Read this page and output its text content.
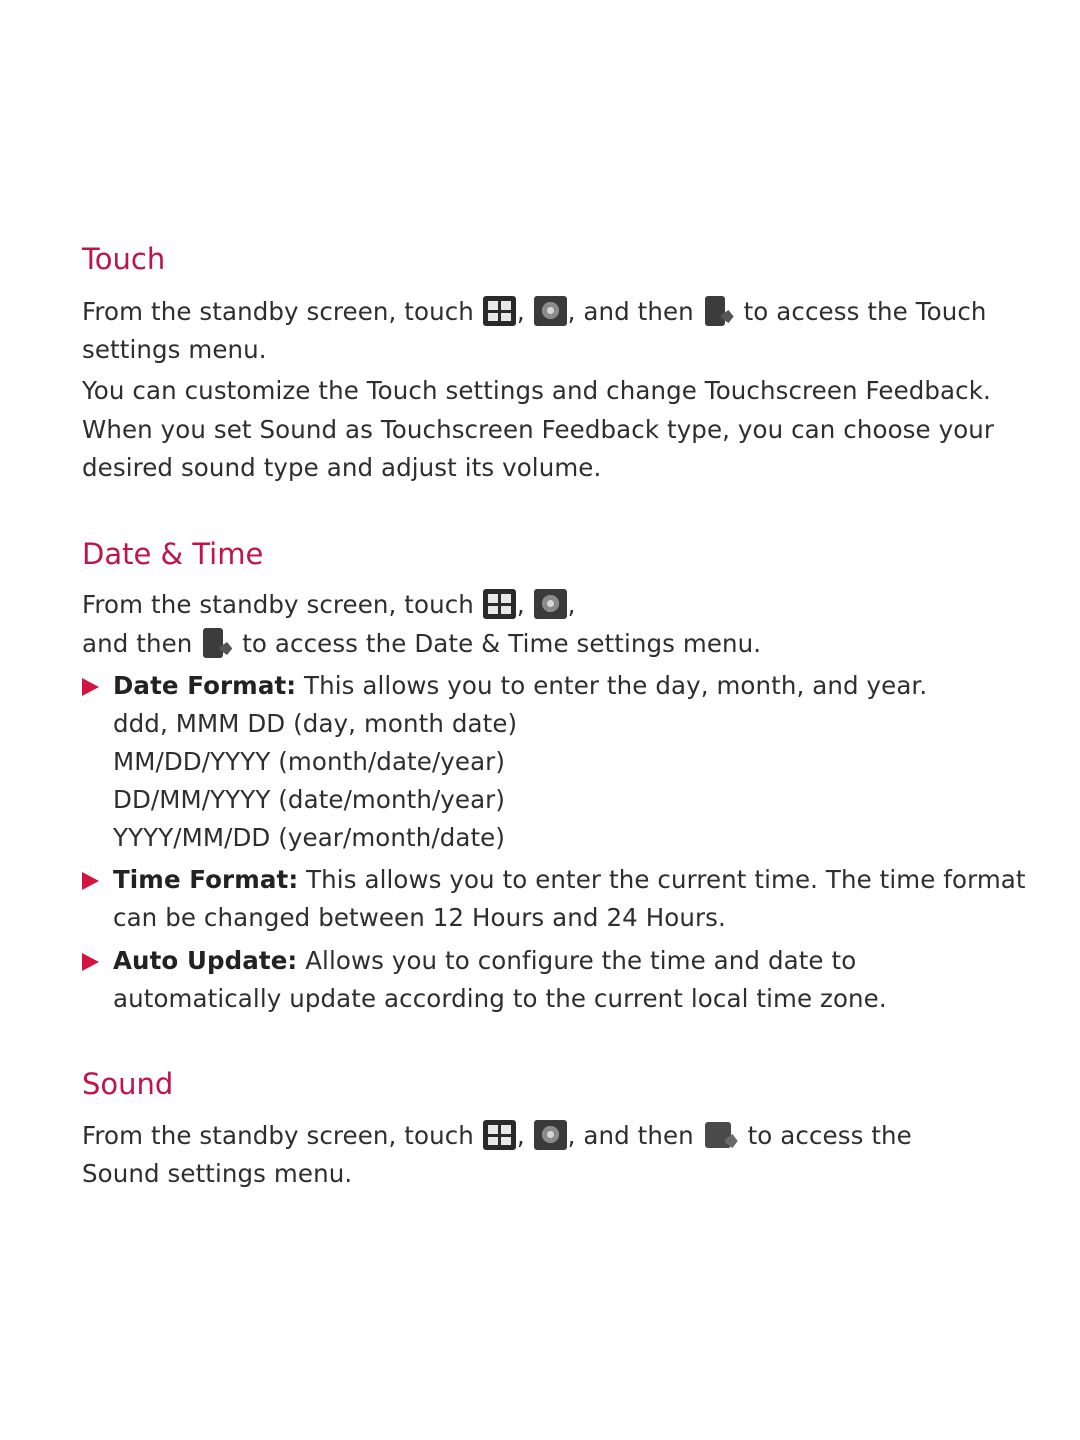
Touch
From the standby screen, touch , , and then to access the Touch
settings menu.
You can customize the Touch settings and change Touchscreen Feedback.
When you set Sound as Touchscreen Feedback type, you can choose your
desired sound type and adjust its volume.
Date & Time
From the standby screen, touch , ,
and then to access the Date & Time settings menu.
Date Format: This allows you to enter the day, month, and year.
ddd, MMM DD (day, month date)
MM/DD/YYYY (month/date/year)
DD/MM/YYYY (date/month/year)
YYYY/MM/DD (year/month/date)
Time Format: This allows you to enter the current time. The time format
can be changed between 12 Hours and 24 Hours.
Auto Update: Allows you to configure the time and date to
automatically update according to the current local time zone.
Sound
From the standby screen, touch , , and then to access the
Sound settings menu.
